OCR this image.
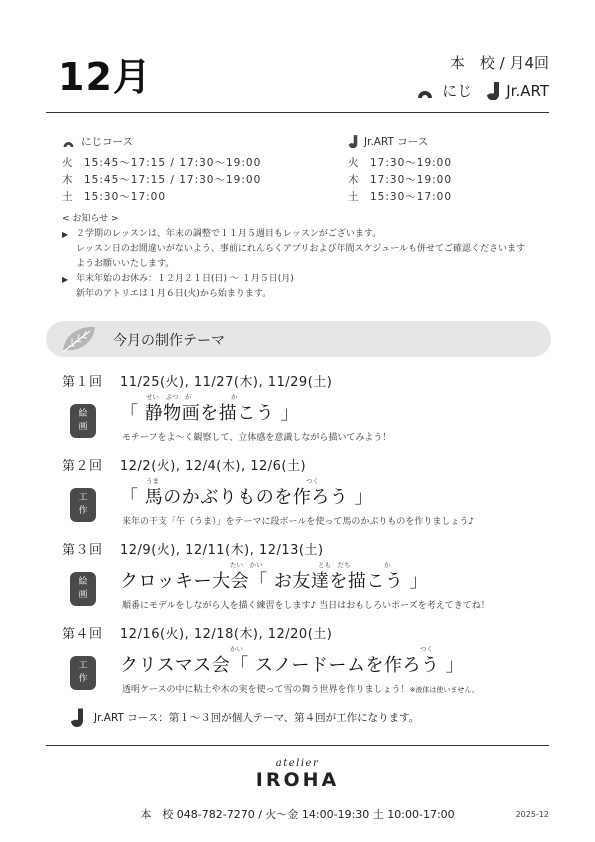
12月	本　校 / 月4回
にじ Jr.ART
にじコース
火	15:45〜17:15 / 17:30〜19:00
木	15:45〜17:15 / 17:30〜19:00
土	15:30〜17:00
Jr.ART コース
火	17:30〜19:00
木	17:30〜19:00
土	15:30〜17:00
< お知らせ >
▶ ２学期のレッスンは、年末の調整で１１月５週目もレッスンがございます。
レッスン日のお間違いがないよう、事前にれんらくアプリおよび年間スケジュールも併せてご確認くださいます
ようお願いいたします。
▶ 年末年始のお休み：１２月２１日(日) 〜 １月５日(月)
新年のアトリエは１月６日(火)から始まります。
今月の制作テーマ
第１回	11/25(火), 11/27(木), 11/29(土)
絵
画
せい　ぶつ　が	か
「 静物画を描こう 」
モチーフをよ〜く観察して、立体感を意識しながら描いてみよう！
第２回	12/2(火), 12/4(木), 12/6(土)
工
作
うま	つく
「 馬のかぶりものを作ろう 」
来年の干支「午（うま）」をテーマに段ボールを使って馬のかぶりものを作りましょう♪
第３回	12/9(火), 12/11(木), 12/13(土)
絵
画
たい　かい	とも　だち	か
クロッキー大会「 お友達を描こう 」
順番にモデルをしながら人を描く練習をします♪ 当日はおもしろいポーズを考えてきてね！
第４回	12/16(火), 12/18(木), 12/20(土)
工
作
かい	つく
クリスマス会「 スノードームを作ろう 」
透明ケースの中に粘土や木の実を使って雪の舞う世界を作りましょう！※液体は使いません。
Jr.ART コース：第１〜３回が個人テーマ、第４回が工作になります。
atelier
IROHA
本　校 048-782-7270 / 火〜金 14:00-19:30 土 10:00-17:00	2025-12
